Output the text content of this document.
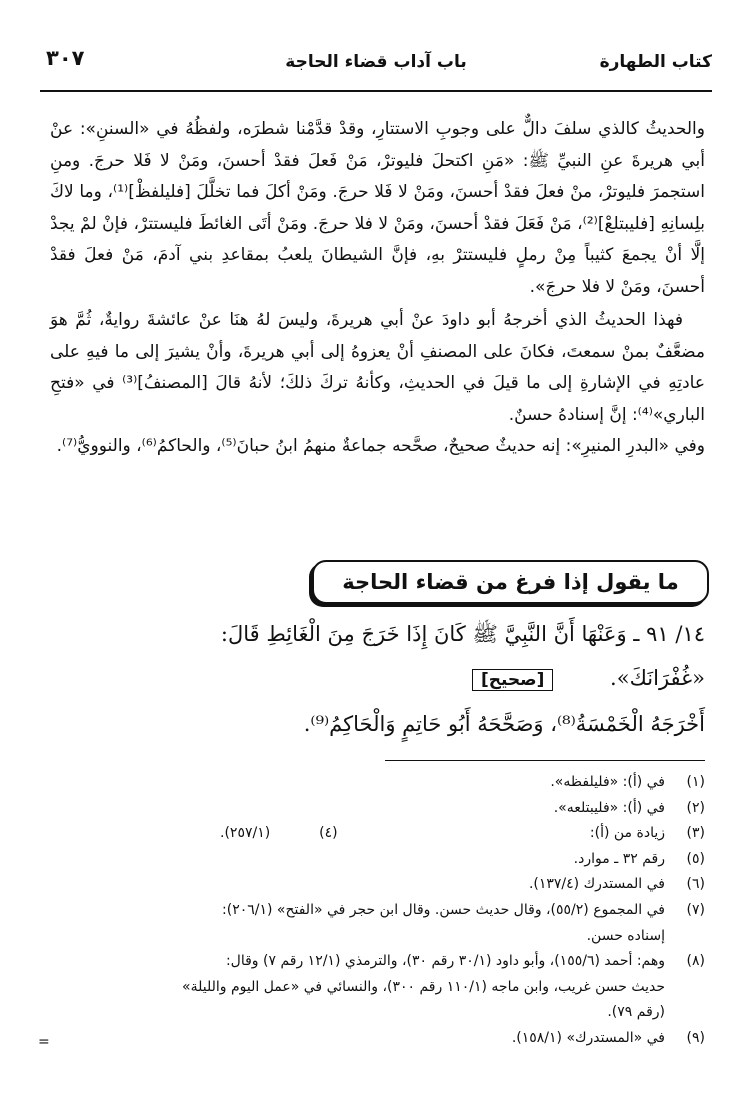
كتاب الطهارة
باب آداب قضاء الحاجة
٣٠٧

والحديثُ كالذي سلفَ دالٌّ على وجوبِ الاستتارِ، وقدْ قدَّمْنا شطرَه، ولفظُهُ في «السننِ»: عنْ أبي هريرةَ عنِ النبيِّ ﷺ: «مَنِ اكتحلَ فليوترْ، مَنْ فَعلَ فقدْ أحسنَ، ومَنْ لا فَلا حرجَ. ومنِ استجمرَ فليوترْ، منْ فعلَ فقدْ أحسنَ، ومَنْ لا فَلا حرجَ. ومَنْ أكلَ فما تخلَّلَ [فليلفظْ]⁽¹⁾، وما لاكَ بلِسانِهِ [فليبتلعْ]⁽²⁾، مَنْ فَعَلَ فقدْ أحسنَ، ومَنْ لا فلا حرجَ. ومَنْ أتَى الغائطَ فليستترْ، فإنْ لمْ يجدْ إلَّا أنْ يجمعَ كثيباً مِنْ رملٍ فليستترْ بهِ، فإنَّ الشيطانَ يلعبُ بمقاعدِ بني آدمَ، مَنْ فعلَ فقدْ أحسنَ، ومَنْ لا فلا حرجَ».

فهذا الحديثُ الذي أخرجهُ أبو داودَ عنْ أبي هريرةَ، وليسَ لهُ هنَا عنْ عائشةَ روايةٌ، ثُمَّ هوَ مضعَّفٌ بمنْ سمعتَ، فكانَ على المصنفِ أنْ يعزوهُ إلى أبي هريرةَ، وأنْ يشيرَ إلى ما فيهِ على عادتِهِ في الإشارةِ إلى ما قيلَ في الحديثِ، وكأنهُ تركَ ذلكَ؛ لأنهُ قالَ [المصنفُ]⁽³⁾ في «فتحِ الباري»⁽⁴⁾: إنَّ إسنادهُ حسنٌ.

وفي «البدرِ المنيرِ»: إنه حديثٌ صحيحٌ، صحَّحه جماعةٌ منهمُ ابنُ حبانَ⁽⁵⁾، والحاكمُ⁽⁶⁾، والنوويُّ⁽⁷⁾.

ما يقول إذا فرغ من قضاء الحاجة

١٤/ ٩١ ـ وَعَنْهَا أَنَّ النَّبِيَّ ﷺ كَانَ إِذَا خَرَجَ مِنَ الْغَائِطِ قَالَ:

«غُفْرَانَكَ». [صحيح]

أَخْرَجَهُ الْخَمْسَةُ⁽⁸⁾، وَصَحَّحَهُ أَبُو حَاتِمٍ وَالْحَاكِمُ⁽⁹⁾.

(١)
في (أ): «فليلفظه».
(٢)
في (أ): «فليبتلعه».
(٣)
زيادة من (أ):
(٤)           (٢٥٧/١).
(٥)
رقم ٣٢ ـ موارد.
(٦)
في المستدرك (١٣٧/٤).
(٧)
في المجموع (٥٥/٢)، وقال حديث حسن. وقال ابن حجر في «الفتح» (٢٠٦/١):
إسناده حسن.
(٨)
وهم: أحمد (١٥٥/٦)، وأبو داود (٣٠/١ رقم ٣٠)، والترمذي (١٢/١ رقم ٧) وقال:
حديث حسن غريب، وابن ماجه (١١٠/١ رقم ٣٠٠)، والنسائي في «عمل اليوم والليلة»
(رقم ٧٩).
(٩)
في «المستدرك» (١٥٨/١).
=
